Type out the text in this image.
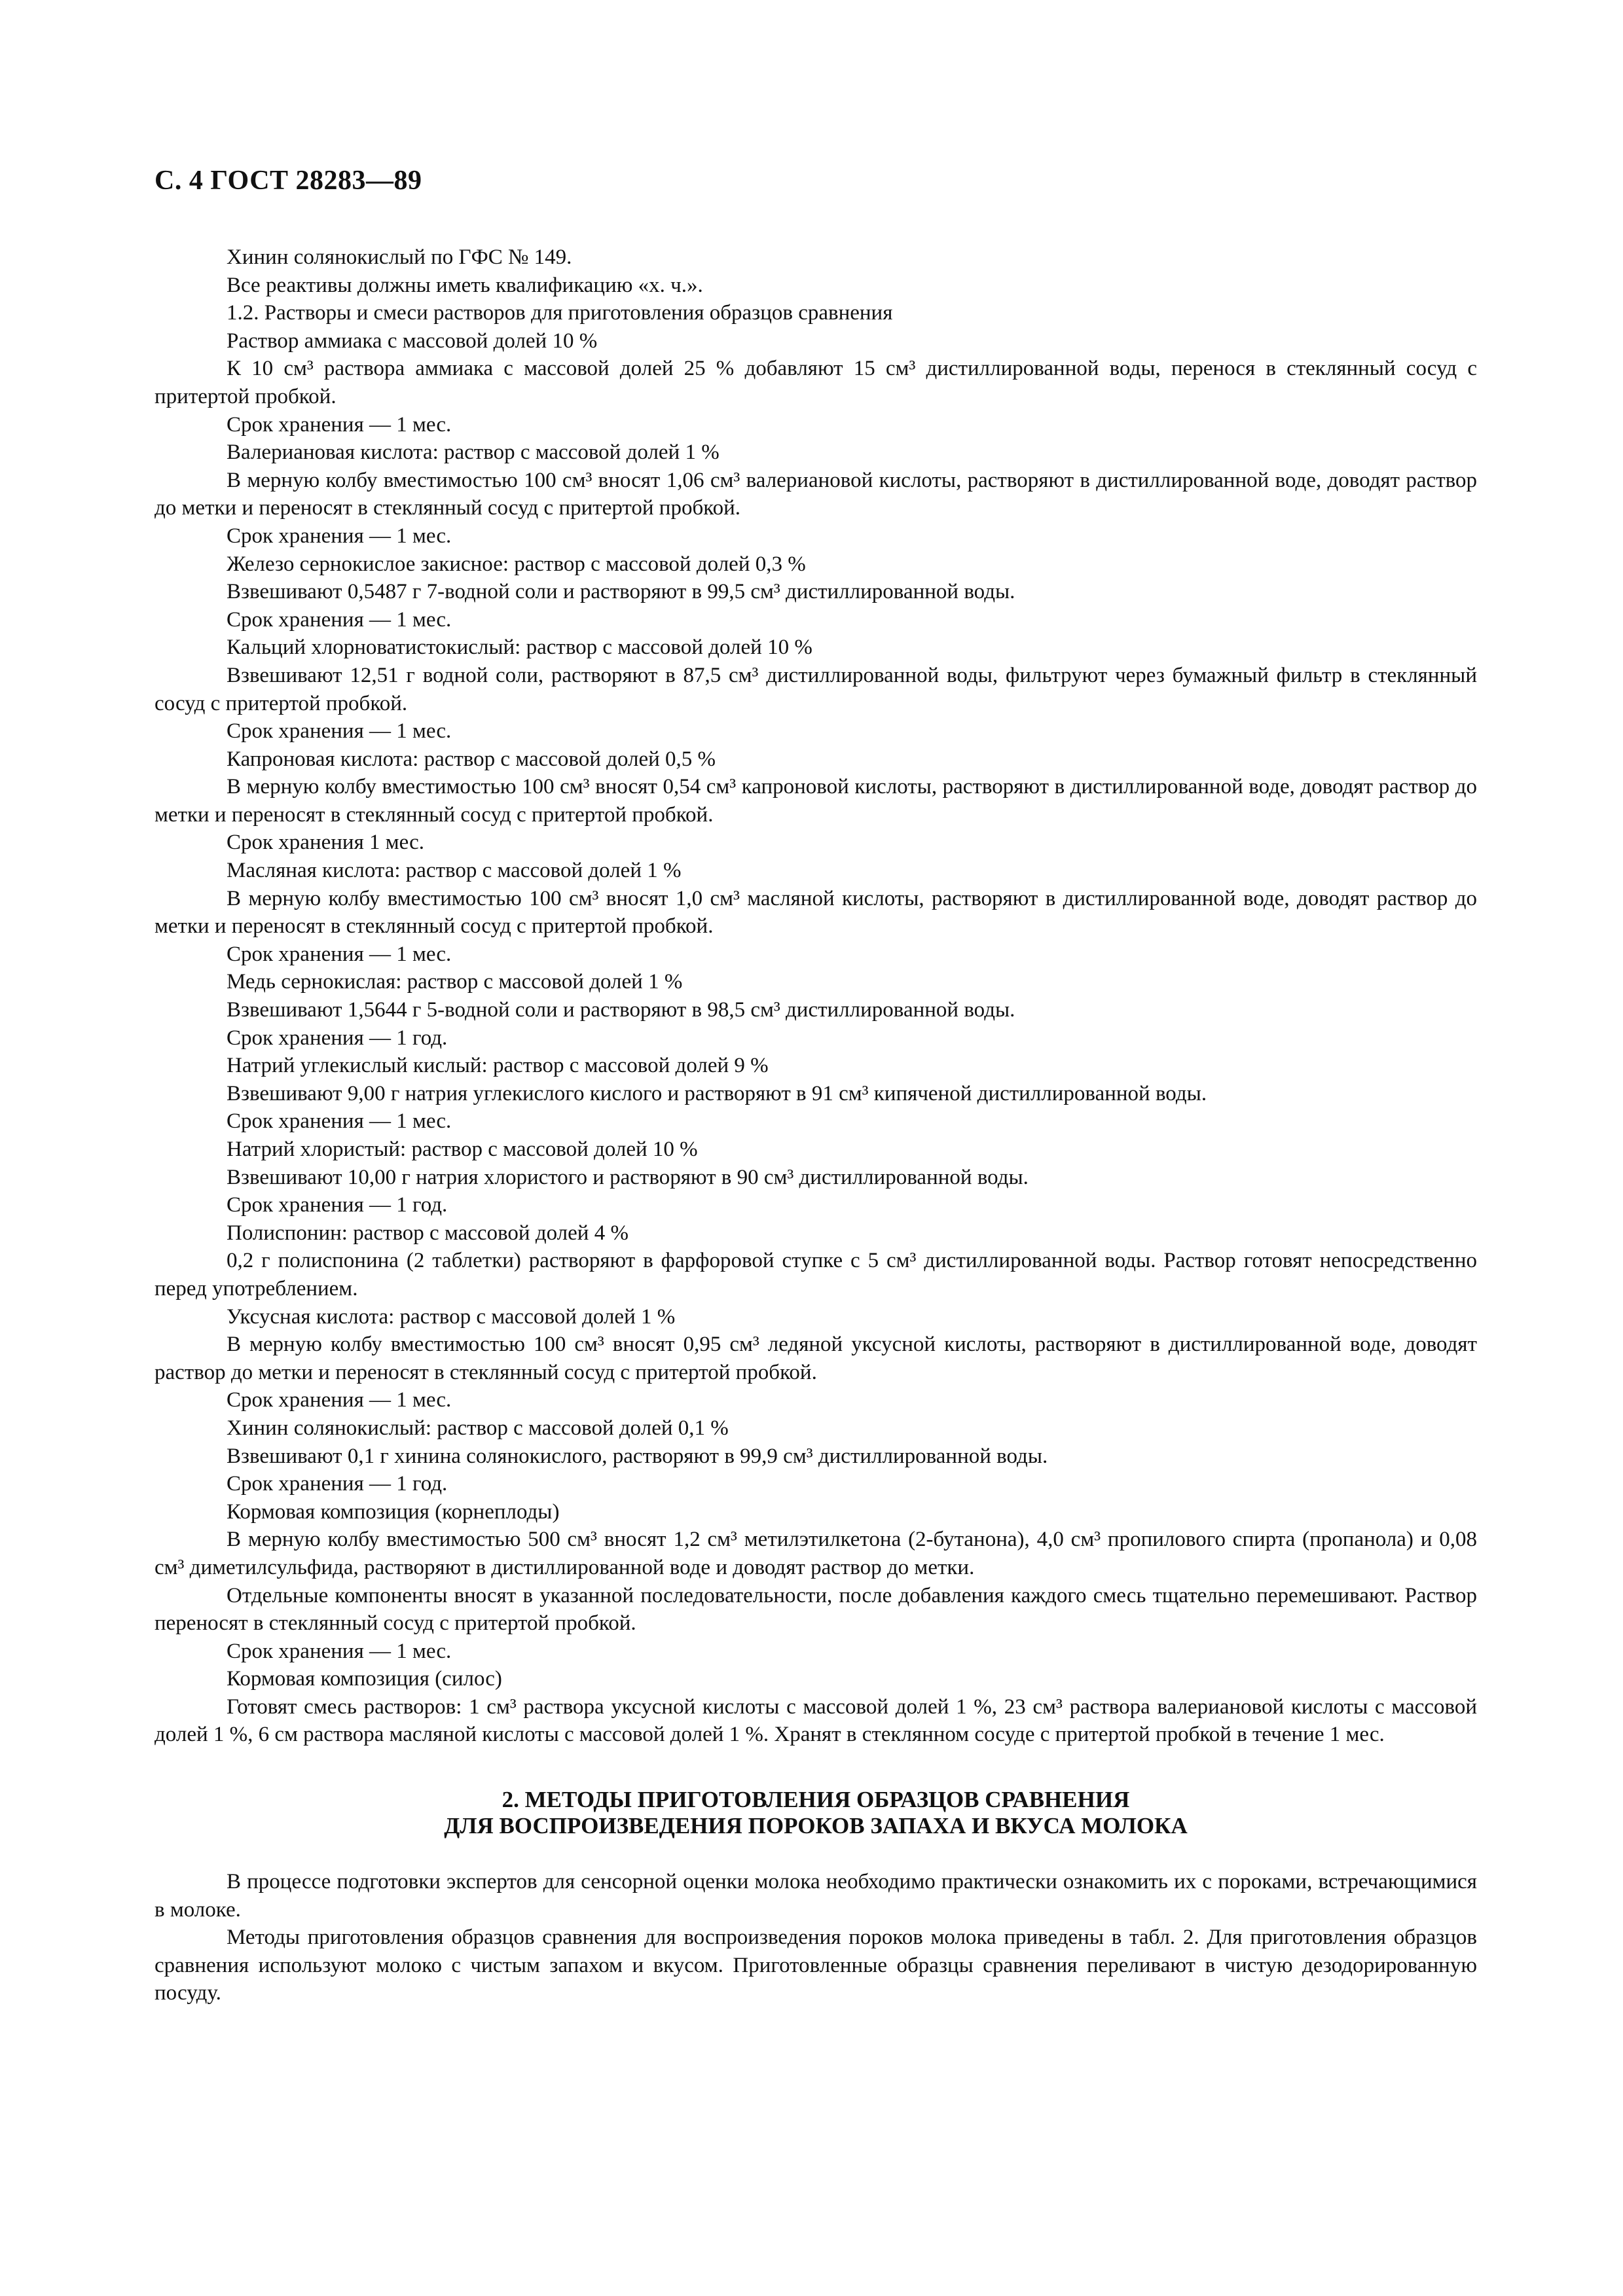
С. 4 ГОСТ 28283—89

Хинин солянокислый по ГФС № 149.

Все реактивы должны иметь квалификацию «х. ч.».

1.2. Растворы и смеси растворов для приготовления образцов сравнения

Раствор аммиака с массовой долей 10 %

К 10 см³ раствора аммиака с массовой долей 25 % добавляют 15 см³ дистиллированной воды, перенося в стеклянный сосуд с притертой пробкой.

Срок хранения — 1 мес.

Валериановая кислота: раствор с массовой долей 1 %

В мерную колбу вместимостью 100 см³ вносят 1,06 см³ валериановой кислоты, растворяют в дистиллированной воде, доводят раствор до метки и переносят в стеклянный сосуд с притертой пробкой.

Срок хранения — 1 мес.

Железо сернокислое закисное: раствор с массовой долей 0,3 %

Взвешивают 0,5487 г 7-водной соли и растворяют в 99,5 см³ дистиллированной воды.

Срок хранения — 1 мес.

Кальций хлорноватистокислый: раствор с массовой долей 10 %

Взвешивают 12,51 г водной соли, растворяют в 87,5 см³ дистиллированной воды, фильтруют через бумажный фильтр в стеклянный сосуд с притертой пробкой.

Срок хранения — 1 мес.

Капроновая кислота: раствор с массовой долей 0,5 %

В мерную колбу вместимостью 100 см³ вносят 0,54 см³ капроновой кислоты, растворяют в дистиллированной воде, доводят раствор до метки и переносят в стеклянный сосуд с притертой пробкой.

Срок хранения 1 мес.

Масляная кислота: раствор с массовой долей 1 %

В мерную колбу вместимостью 100 см³ вносят 1,0 см³ масляной кислоты, растворяют в дистиллированной воде, доводят раствор до метки и переносят в стеклянный сосуд с притертой пробкой.

Срок хранения — 1 мес.

Медь сернокислая: раствор с массовой долей 1 %

Взвешивают 1,5644 г 5-водной соли и растворяют в 98,5 см³ дистиллированной воды.

Срок хранения — 1 год.

Натрий углекислый кислый: раствор с массовой долей 9 %

Взвешивают 9,00 г натрия углекислого кислого и растворяют в 91 см³ кипяченой дистиллированной воды.

Срок хранения — 1 мес.

Натрий хлористый: раствор с массовой долей 10 %

Взвешивают 10,00 г натрия хлористого и растворяют в 90 см³ дистиллированной воды.

Срок хранения — 1 год.

Полиспонин: раствор с массовой долей 4 %

0,2 г полиспонина (2 таблетки) растворяют в фарфоровой ступке с 5 см³ дистиллированной воды. Раствор готовят непосредственно перед употреблением.

Уксусная кислота: раствор с массовой долей 1 %

В мерную колбу вместимостью 100 см³ вносят 0,95 см³ ледяной уксусной кислоты, растворяют в дистиллированной воде, доводят раствор до метки и переносят в стеклянный сосуд с притертой пробкой.

Срок хранения — 1 мес.

Хинин солянокислый: раствор с массовой долей 0,1 %

Взвешивают 0,1 г хинина солянокислого, растворяют в 99,9 см³ дистиллированной воды.

Срок хранения — 1 год.

Кормовая композиция (корнеплоды)

В мерную колбу вместимостью 500 см³ вносят 1,2 см³ метилэтилкетона (2-бутанона), 4,0 см³ пропилового спирта (пропанола) и 0,08 см³ диметилсульфида, растворяют в дистиллированной воде и доводят раствор до метки.

Отдельные компоненты вносят в указанной последовательности, после добавления каждого смесь тщательно перемешивают. Раствор переносят в стеклянный сосуд с притертой пробкой.

Срок хранения — 1 мес.

Кормовая композиция (силос)

Готовят смесь растворов: 1 см³ раствора уксусной кислоты с массовой долей 1 %, 23 см³ раствора валериановой кислоты с массовой долей 1 %, 6 см раствора масляной кислоты с массовой долей 1 %. Хранят в стеклянном сосуде с притертой пробкой в течение 1 мес.

2. МЕТОДЫ ПРИГОТОВЛЕНИЯ ОБРАЗЦОВ СРАВНЕНИЯ
ДЛЯ ВОСПРОИЗВЕДЕНИЯ ПОРОКОВ ЗАПАХА И ВКУСА МОЛОКА

В процессе подготовки экспертов для сенсорной оценки молока необходимо практически ознакомить их с пороками, встречающимися в молоке.

Методы приготовления образцов сравнения для воспроизведения пороков молока приведены в табл. 2. Для приготовления образцов сравнения используют молоко с чистым запахом и вкусом. Приготовленные образцы сравнения переливают в чистую дезодорированную посуду.
